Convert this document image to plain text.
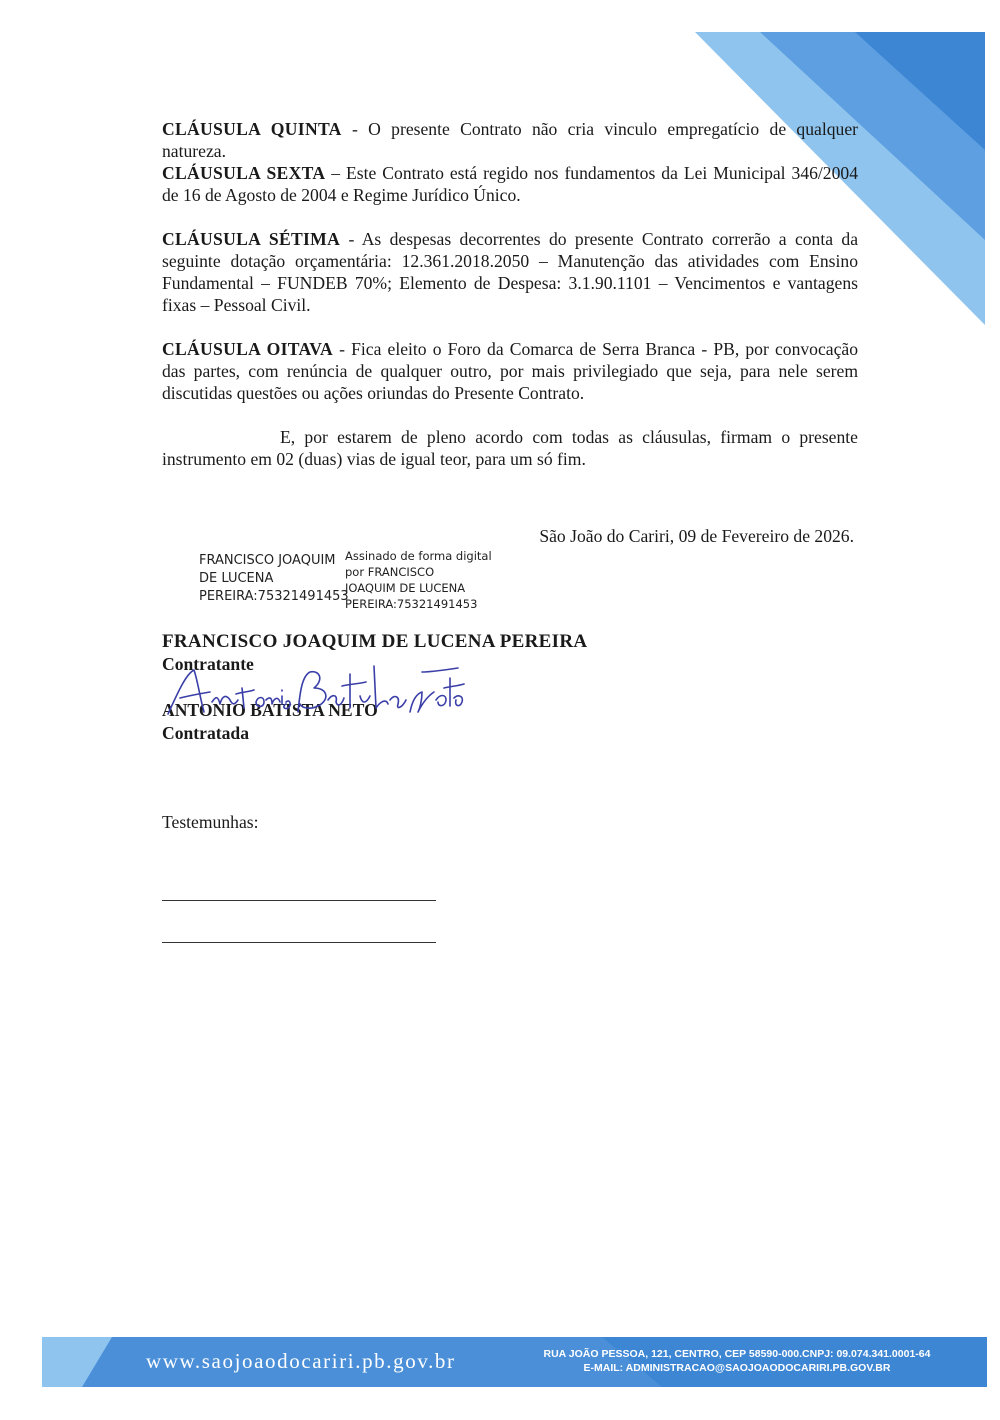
CLÁUSULA QUINTA - O presente Contrato não cria vinculo empregatício de qualquer natureza.

CLÁUSULA SEXTA – Este Contrato está regido nos fundamentos da Lei Municipal 346/2004 de 16 de Agosto de 2004 e Regime Jurídico Único.

CLÁUSULA SÉTIMA - As despesas decorrentes do presente Contrato correrão a conta da seguinte dotação orçamentária: 12.361.2018.2050 – Manutenção das atividades com Ensino Fundamental – FUNDEB 70%; Elemento de Despesa: 3.1.90.1101 – Vencimentos e vantagens fixas – Pessoal Civil.

CLÁUSULA OITAVA - Fica eleito o Foro da Comarca de Serra Branca - PB, por convocação das partes, com renúncia de qualquer outro, por mais privilegiado que seja, para nele serem discutidas questões ou ações oriundas do Presente Contrato.

E, por estarem de pleno acordo com todas as cláusulas, firmam o presente instrumento em 02 (duas) vias de igual teor, para um só fim.

São João do Cariri, 09 de Fevereiro de 2026.
FRANCISCO JOAQUIM
DE LUCENA
PEREIRA:75321491453
Assinado de forma digital
por FRANCISCO
JOAQUIM DE LUCENA
PEREIRA:75321491453
FRANCISCO JOAQUIM DE LUCENA PEREIRA
Contratante
ANTONIO BATISTA NETO
Contratada
Testemunhas:
www.saojoaodocariri.pb.gov.br	RUA JOÃO PESSOA, 121, CENTRO, CEP 58590-000.CNPJ: 09.074.341.0001-64
E-MAIL: ADMINISTRACAO@SAOJOAODOCARIRI.PB.GOV.BR
